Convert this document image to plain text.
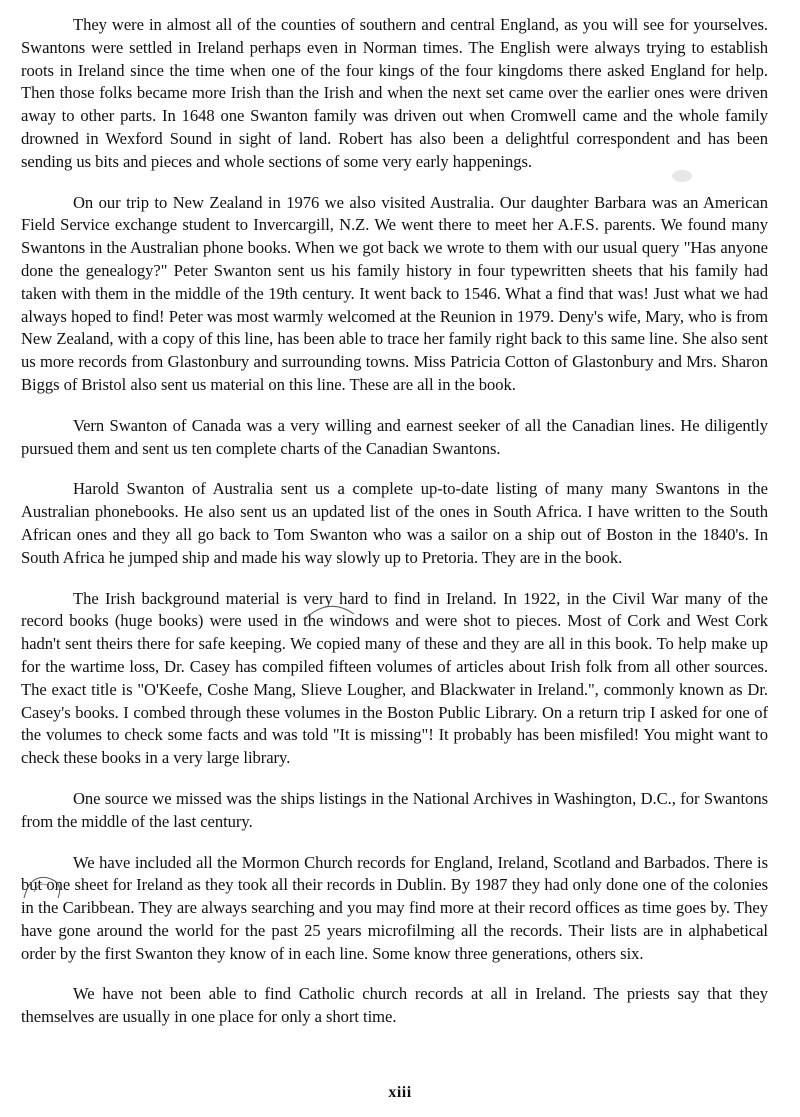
They were in almost all of the counties of southern and central England, as you will see for yourselves. Swantons were settled in Ireland perhaps even in Norman times. The English were always trying to establish roots in Ireland since the time when one of the four kings of the four kingdoms there asked England for help. Then those folks became more Irish than the Irish and when the next set came over the earlier ones were driven away to other parts. In 1648 one Swanton family was driven out when Cromwell came and the whole family drowned in Wexford Sound in sight of land. Robert has also been a delightful correspondent and has been sending us bits and pieces and whole sections of some very early happenings.

On our trip to New Zealand in 1976 we also visited Australia. Our daughter Barbara was an American Field Service exchange student to Invercargill, N.Z. We went there to meet her A.F.S. parents. We found many Swantons in the Australian phone books. When we got back we wrote to them with our usual query "Has anyone done the genealogy?" Peter Swanton sent us his family history in four typewritten sheets that his family had taken with them in the middle of the 19th century. It went back to 1546. What a find that was! Just what we had always hoped to find! Peter was most warmly welcomed at the Reunion in 1979. Deny's wife, Mary, who is from New Zealand, with a copy of this line, has been able to trace her family right back to this same line. She also sent us more records from Glastonbury and surrounding towns. Miss Patricia Cotton of Glastonbury and Mrs. Sharon Biggs of Bristol also sent us material on this line. These are all in the book.

Vern Swanton of Canada was a very willing and earnest seeker of all the Canadian lines. He diligently pursued them and sent us ten complete charts of the Canadian Swantons.

Harold Swanton of Australia sent us a complete up-to-date listing of many many Swantons in the Australian phonebooks. He also sent us an updated list of the ones in South Africa. I have written to the South African ones and they all go back to Tom Swanton who was a sailor on a ship out of Boston in the 1840's. In South Africa he jumped ship and made his way slowly up to Pretoria. They are in the book.

The Irish background material is very hard to find in Ireland. In 1922, in the Civil War many of the record books (huge books) were used in the windows and were shot to pieces. Most of Cork and West Cork hadn't sent theirs there for safe keeping. We copied many of these and they are all in this book. To help make up for the wartime loss, Dr. Casey has compiled fifteen volumes of articles about Irish folk from all other sources. The exact title is "O'Keefe, Coshe Mang, Slieve Lougher, and Blackwater in Ireland.", commonly known as Dr. Casey's books. I combed through these volumes in the Boston Public Library. On a return trip I asked for one of the volumes to check some facts and was told "It is missing"! It probably has been misfiled! You might want to check these books in a very large library.

One source we missed was the ships listings in the National Archives in Washington, D.C., for Swantons from the middle of the last century.

We have included all the Mormon Church records for England, Ireland, Scotland and Barbados. There is but one sheet for Ireland as they took all their records in Dublin. By 1987 they had only done one of the colonies in the Caribbean. They are always searching and you may find more at their record offices as time goes by. They have gone around the world for the past 25 years microfilming all the records. Their lists are in alphabetical order by the first Swanton they know of in each line. Some know three generations, others six.

We have not been able to find Catholic church records at all in Ireland. The priests say that they themselves are usually in one place for only a short time.

xiii
